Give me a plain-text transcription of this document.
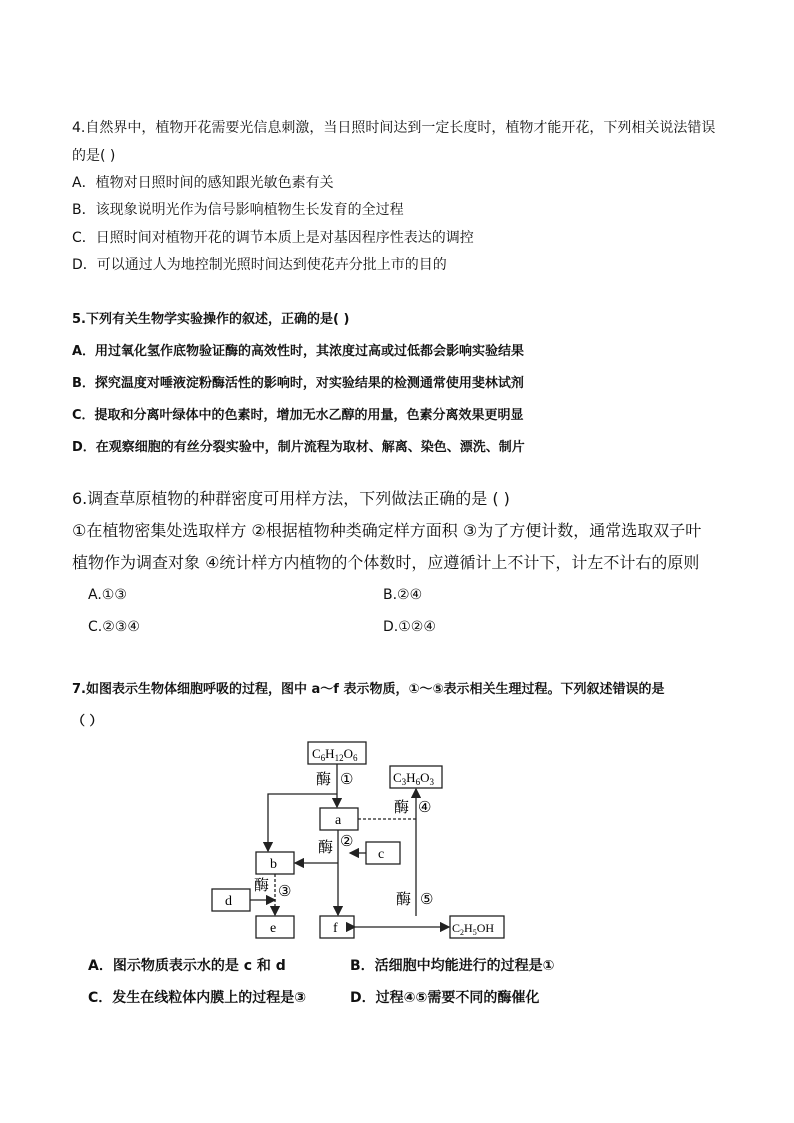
4.自然界中，植物开花需要光信息刺激，当日照时间达到一定长度时，植物才能开花，下列相关说法错误
的是( )
A．植物对日照时间的感知跟光敏色素有关
B．该现象说明光作为信号影响植物生长发育的全过程
C．日照时间对植物开花的调节本质上是对基因程序性表达的调控
D．可以通过人为地控制光照时间达到使花卉分批上市的目的
5.下列有关生物学实验操作的叙述，正确的是( )
A．用过氧化氢作底物验证酶的高效性时，其浓度过高或过低都会影响实验结果
B．探究温度对唾液淀粉酶活性的影响时，对实验结果的检测通常使用斐林试剂
C．提取和分离叶绿体中的色素时，增加无水乙醇的用量，色素分离效果更明显
D．在观察细胞的有丝分裂实验中，制片流程为取材、解离、染色、漂洗、制片
6.调查草原植物的种群密度可用样方法，下列做法正确的是 ( )
①在植物密集处选取样方 ②根据植物种类确定样方面积 ③为了方便计数，通常选取双子叶
植物作为调查对象 ④统计样方内植物的个体数时，应遵循计上不计下，计左不计右的原则
A.①③	B.②④
C.②③④	D.①②④
7.如图表示生物体细胞呼吸的过程，图中 a～f 表示物质，①～⑤表示相关生理过程。下列叙述错误的是
（ ）
$C_6H_{12}O_6$
$C_3H_6O_3$
a
c
b
d
e	f	$C_2H_5OH$
酶 ①
酶 ④
酶 ②
酶 ③	酶 ⑤
A．图示物质表示水的是 c 和 d	B．活细胞中均能进行的过程是①
C．发生在线粒体内膜上的过程是③	D．过程④⑤需要不同的酶催化
